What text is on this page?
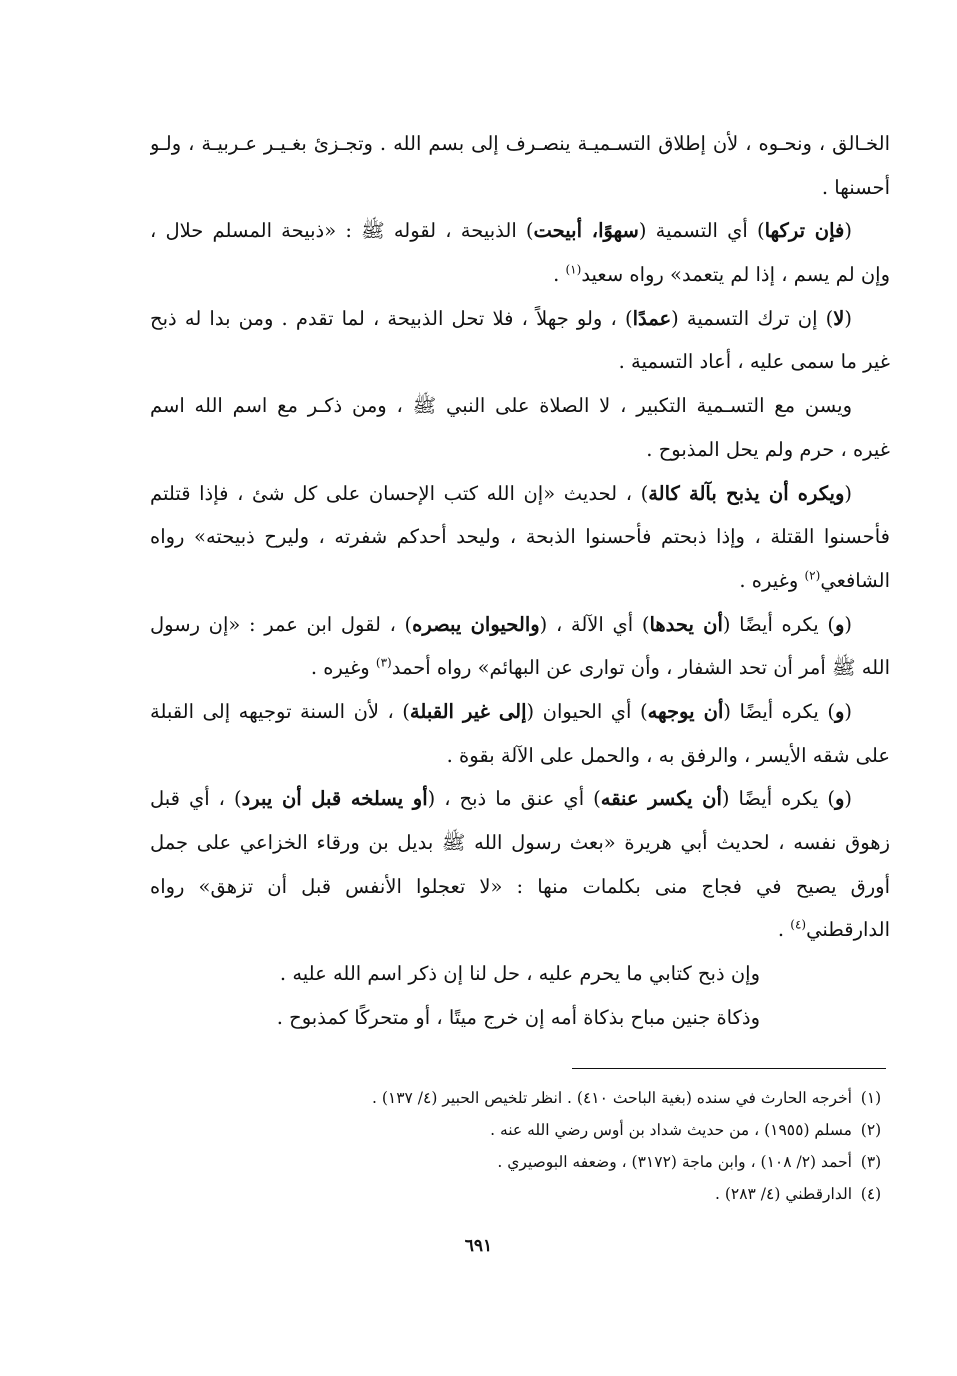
الخـالق ، ونحـوه ، لأن إطلاق التسـميـة ينصـرف إلى بسم الله . وتجـزئ بغـيـر عـربيـة ، ولـو
أحسنها .
(فإن تركها) أي التسمية (سهوًا، أبيحت) الذبيحة ، لقوله ﷺ : «ذبيحة المسلم حلال ،
وإن لم يسم ، إذا لم يتعمد» رواه سعيد$^{(١)}$ .
(لا) إن ترك التسمية (عمدًا) ، ولو جهلاً ، فلا تحل الذبيحة ، لما تقدم . ومن بدا له ذبح
غير ما سمى عليه ، أعاد التسمية .
ويسن مع التسـمية التكبير ، لا الصلاة على النبي ﷺ ، ومن ذكـر مع اسم الله اسم
غيره ، حرم ولم يحل المذبوح .
(ويكره أن يذبح بآلة كالة) ، لحديث «إن الله كتب الإحسان على كل شئ ، فإذا قتلتم
فأحسنوا القتلة ، وإذا ذبحتم فأحسنوا الذبحة ، وليحد أحدكم شفرته ، وليرح ذبيحته» رواه
الشافعي$^{(٢)}$ وغيره .
(و) يكره أيضًا (أن يحدها) أي الآلة ، (والحيوان يبصره) ، لقول ابن عمر : «إن رسول
الله ﷺ أمر أن تحد الشفار ، وأن توارى عن البهائم» رواه أحمد$^{(٣)}$ وغيره .
(و) يكره أيضًا (أن يوجهه) أي الحيوان (إلى غير القبلة) ، لأن السنة توجيهه إلى القبلة
على شقه الأيسر ، والرفق به ، والحمل على الآلة بقوة .
(و) يكره أيضًا (أن يكسر عنقه) أي عنق ما ذبح ، (أو يسلخه قبل أن يبرد) ، أي قبل
زهوق نفسه ، لحديث أبي هريرة «بعث رسول الله ﷺ بديل بن ورقاء الخزاعي على جمل
أورق يصيح في فجاج منى بكلمات منها : «لا تعجلوا الأنفس قبل أن تزهق» رواه
الدارقطني$^{(٤)}$ .
وإن ذبح كتابي ما يحرم عليه ، حل لنا إن ذكر اسم الله عليه .
وذكاة جنين مباح بذكاة أمه إن خرج ميتًا ، أو متحركًا كمذبوح .
(١)أخرجه الحارث في سنده (بغية الباحث ٤١٠) . انظر تلخيص الحبير (٤/ ١٣٧) .
(٢)مسلم (١٩٥٥) ، من حديث شداد بن أوس رضي الله عنه .
(٣)أحمد (٢/ ١٠٨) ، وابن ماجة (٣١٧٢) ، وضعفه البوصيري .
(٤)الدارقطني (٤/ ٢٨٣) .
٦٩١
